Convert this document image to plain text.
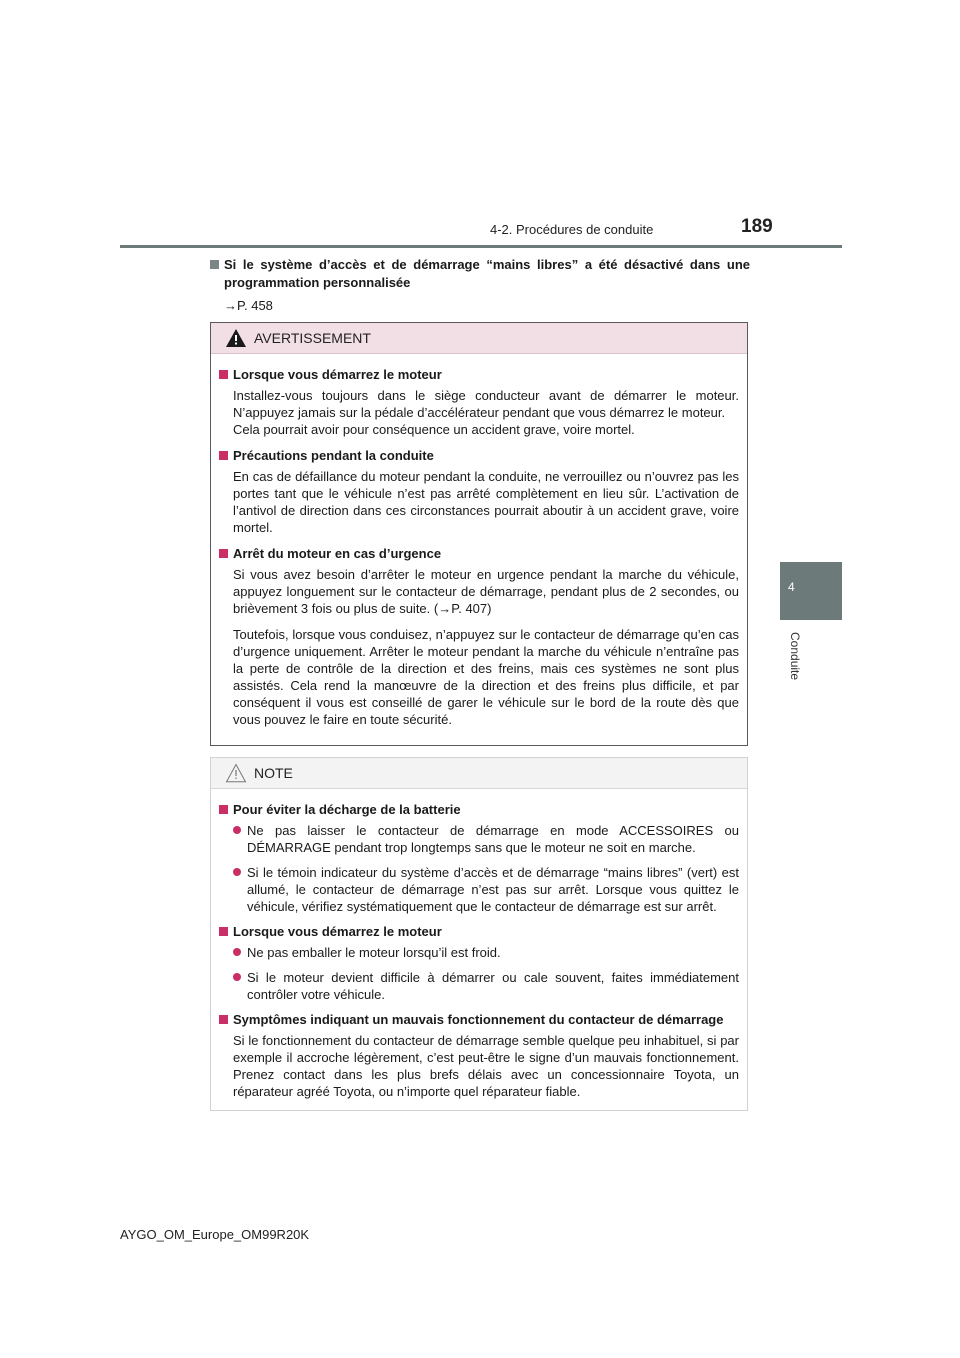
4-2. Procédures de conduite	189
4
Conduite
Si le système d’accès et de démarrage “mains libres” a été désactivé dans une programmation personnalisée
→P. 458
AVERTISSEMENT
Lorsque vous démarrez le moteur
Installez-vous toujours dans le siège conducteur avant de démarrer le moteur. N’appuyez jamais sur la pédale d’accélérateur pendant que vous démarrez le moteur.
Cela pourrait avoir pour conséquence un accident grave, voire mortel.
Précautions pendant la conduite
En cas de défaillance du moteur pendant la conduite, ne verrouillez ou n’ouvrez pas les portes tant que le véhicule n’est pas arrêté complètement en lieu sûr. L’activation de l’antivol de direction dans ces circonstances pourrait aboutir à un accident grave, voire mortel.
Arrêt du moteur en cas d’urgence
Si vous avez besoin d’arrêter le moteur en urgence pendant la marche du véhicule, appuyez longuement sur le contacteur de démarrage, pendant plus de 2 secondes, ou brièvement 3 fois ou plus de suite. (→P. 407)
Toutefois, lorsque vous conduisez, n’appuyez sur le contacteur de démarrage qu’en cas d’urgence uniquement. Arrêter le moteur pendant la marche du véhicule n’entraîne pas la perte de contrôle de la direction et des freins, mais ces systèmes ne sont plus assistés. Cela rend la manœuvre de la direction et des freins plus difficile, et par conséquent il vous est conseillé de garer le véhicule sur le bord de la route dès que vous pouvez le faire en toute sécurité.
NOTE
Pour éviter la décharge de la batterie
Ne pas laisser le contacteur de démarrage en mode ACCESSOIRES ou DÉMARRAGE pendant trop longtemps sans que le moteur ne soit en marche.
Si le témoin indicateur du système d’accès et de démarrage “mains libres” (vert) est allumé, le contacteur de démarrage n’est pas sur arrêt. Lorsque vous quittez le véhicule, vérifiez systématiquement que le contacteur de démarrage est sur arrêt.
Lorsque vous démarrez le moteur
Ne pas emballer le moteur lorsqu’il est froid.
Si le moteur devient difficile à démarrer ou cale souvent, faites immédiatement contrôler votre véhicule.
Symptômes indiquant un mauvais fonctionnement du contacteur de démarrage
Si le fonctionnement du contacteur de démarrage semble quelque peu inhabituel, si par exemple il accroche légèrement, c’est peut-être le signe d’un mauvais fonctionnement. Prenez contact dans les plus brefs délais avec un concessionnaire Toyota, un réparateur agréé Toyota, ou n’importe quel réparateur fiable.
AYGO_OM_Europe_OM99R20K
